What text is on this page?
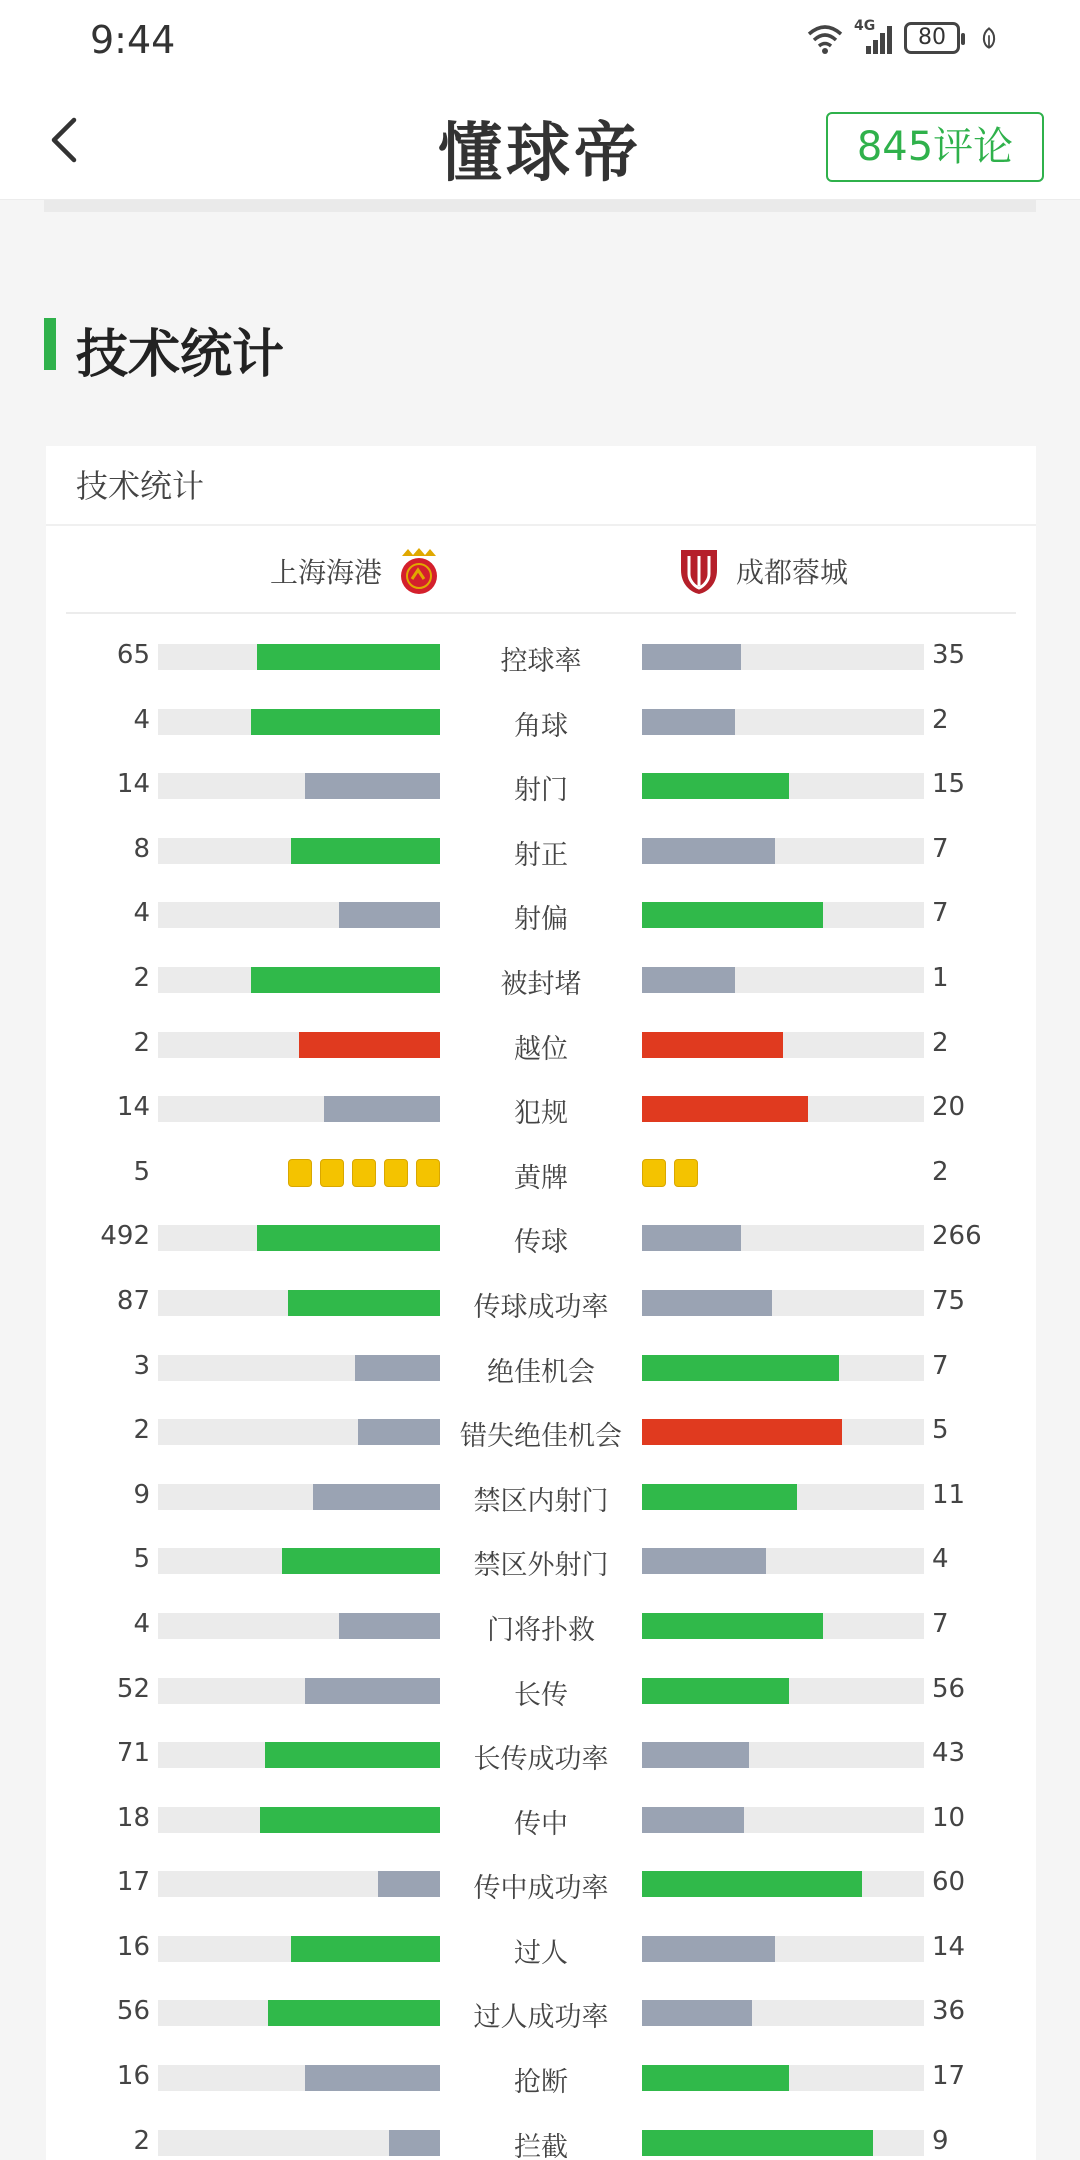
9:44	4G	80
懂球帝	845评论
技术统计
技术统计
上海海港	成都蓉城
65	控球率	35
4	角球	2
14	射门	15
8	射正	7
4	射偏	7
2	被封堵	1
2	越位	2
14	犯规	20
5	黄牌	2
492	传球	266
87	传球成功率	75
3	绝佳机会	7
2	错失绝佳机会	5
9	禁区内射门	11
5	禁区外射门	4
4	门将扑救	7
52	长传	56
71	长传成功率	43
18	传中	10
17	传中成功率	60
16	过人	14
56	过人成功率	36
16	抢断	17
2	拦截	9
